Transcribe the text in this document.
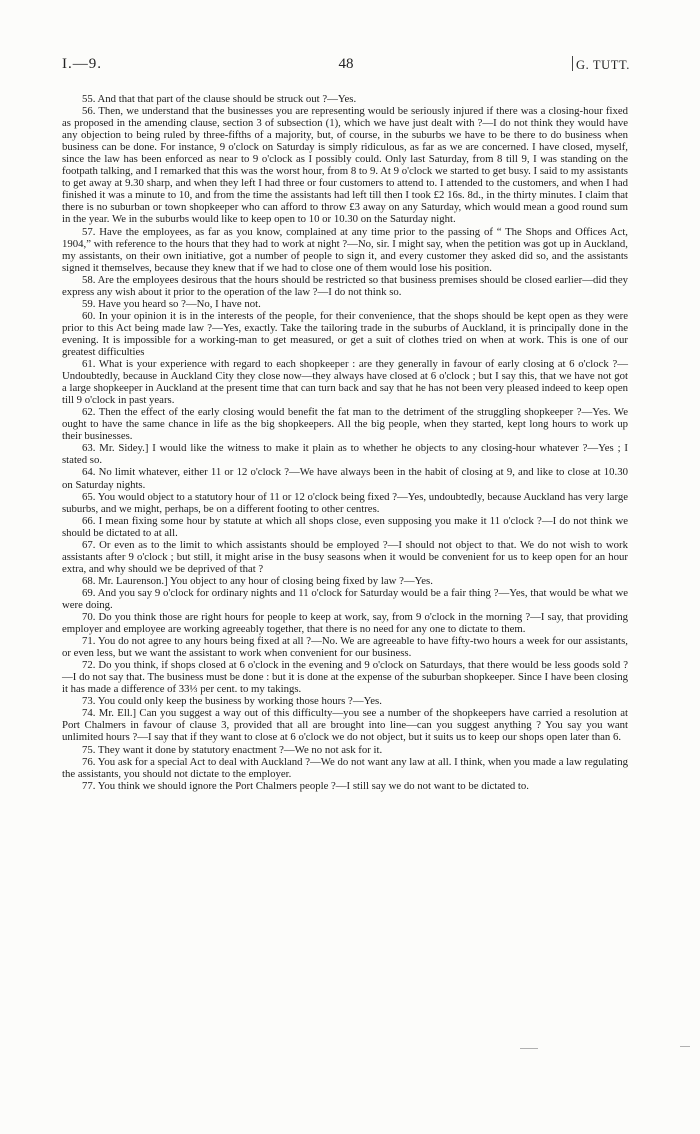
I.—9.	48	G. TUTT.

55. And that that part of the clause should be struck out ?—Yes.

56. Then, we understand that the businesses you are representing would be seriously injured if there was a closing-hour fixed as proposed in the amending clause, section 3 of subsection (1), which we have just dealt with ?—I do not think they would have any objection to being ruled by three-fifths of a majority, but, of course, in the suburbs we have to be there to do business when business can be done. For instance, 9 o'clock on Saturday is simply ridiculous, as far as we are concerned. I have closed, myself, since the law has been enforced as near to 9 o'clock as I possibly could. Only last Saturday, from 8 till 9, I was standing on the footpath talking, and I remarked that this was the worst hour, from 8 to 9. At 9 o'clock we started to get busy. I said to my assistants to get away at 9.30 sharp, and when they left I had three or four customers to attend to. I attended to the customers, and when I had finished it was a minute to 10, and from the time the assistants had left till then I took £2 16s. 8d., in the thirty minutes. I claim that there is no suburban or town shopkeeper who can afford to throw £3 away on any Saturday, which would mean a good round sum in the year. We in the suburbs would like to keep open to 10 or 10.30 on the Saturday night.

57. Have the employees, as far as you know, complained at any time prior to the passing of “ The Shops and Offices Act, 1904,” with reference to the hours that they had to work at night ?—No, sir. I might say, when the petition was got up in Auckland, my assistants, on their own initiative, got a number of people to sign it, and every customer they asked did so, and the assistants signed it themselves, because they knew that if we had to close one of them would lose his position.

58. Are the employees desirous that the hours should be restricted so that business premises should be closed earlier—did they express any wish about it prior to the operation of the law ?—I do not think so.

59. Have you heard so ?—No, I have not.

60. In your opinion it is in the interests of the people, for their convenience, that the shops should be kept open as they were prior to this Act being made law ?—Yes, exactly. Take the tailoring trade in the suburbs of Auckland, it is principally done in the evening. It is impossible for a working-man to get measured, or get a suit of clothes tried on when at work. This is one of our greatest difficulties

61. What is your experience with regard to each shopkeeper : are they generally in favour of early closing at 6 o'clock ?—Undoubtedly, because in Auckland City they close now—they always have closed at 6 o'clock ; but I say this, that we have not got a large shopkeeper in Auckland at the present time that can turn back and say that he has not been very pleased indeed to keep open till 9 o'clock in past years.

62. Then the effect of the early closing would benefit the fat man to the detriment of the struggling shopkeeper ?—Yes. We ought to have the same chance in life as the big shopkeepers. All the big people, when they started, kept long hours to work up their businesses.

63. Mr. Sidey.] I would like the witness to make it plain as to whether he objects to any closing-hour whatever ?—Yes ; I stated so.

64. No limit whatever, either 11 or 12 o'clock ?—We have always been in the habit of closing at 9, and like to close at 10.30 on Saturday nights.

65. You would object to a statutory hour of 11 or 12 o'clock being fixed ?—Yes, undoubtedly, because Auckland has very large suburbs, and we might, perhaps, be on a different footing to other centres.

66. I mean fixing some hour by statute at which all shops close, even supposing you make it 11 o'clock ?—I do not think we should be dictated to at all.

67. Or even as to the limit to which assistants should be employed ?—I should not object to that. We do not wish to work assistants after 9 o'clock ; but still, it might arise in the busy seasons when it would be convenient for us to keep open for an hour extra, and why should we be deprived of that ?

68. Mr. Laurenson.] You object to any hour of closing being fixed by law ?—Yes.

69. And you say 9 o'clock for ordinary nights and 11 o'clock for Saturday would be a fair thing ?—Yes, that would be what we were doing.

70. Do you think those are right hours for people to keep at work, say, from 9 o'clock in the morning ?—I say, that providing employer and employee are working agreeably together, that there is no need for any one to dictate to them.

71. You do not agree to any hours being fixed at all ?—No. We are agreeable to have fifty-two hours a week for our assistants, or even less, but we want the assistant to work when convenient for our business.

72. Do you think, if shops closed at 6 o'clock in the evening and 9 o'clock on Saturdays, that there would be less goods sold ?—I do not say that. The business must be done : but it is done at the expense of the suburban shopkeeper. Since I have been closing it has made a difference of 33⅓ per cent. to my takings.

73. You could only keep the business by working those hours ?—Yes.

74. Mr. Ell.] Can you suggest a way out of this difficulty—you see a number of the shopkeepers have carried a resolution at Port Chalmers in favour of clause 3, provided that all are brought into line—can you suggest anything ? You say you want unlimited hours ?—I say that if they want to close at 6 o'clock we do not object, but it suits us to keep our shops open later than 6.

75. They want it done by statutory enactment ?—We no not ask for it.

76. You ask for a special Act to deal with Auckland ?—We do not want any law at all. I think, when you made a law regulating the assistants, you should not dictate to the employer.

77. You think we should ignore the Port Chalmers people ?—I still say we do not want to be dictated to.
